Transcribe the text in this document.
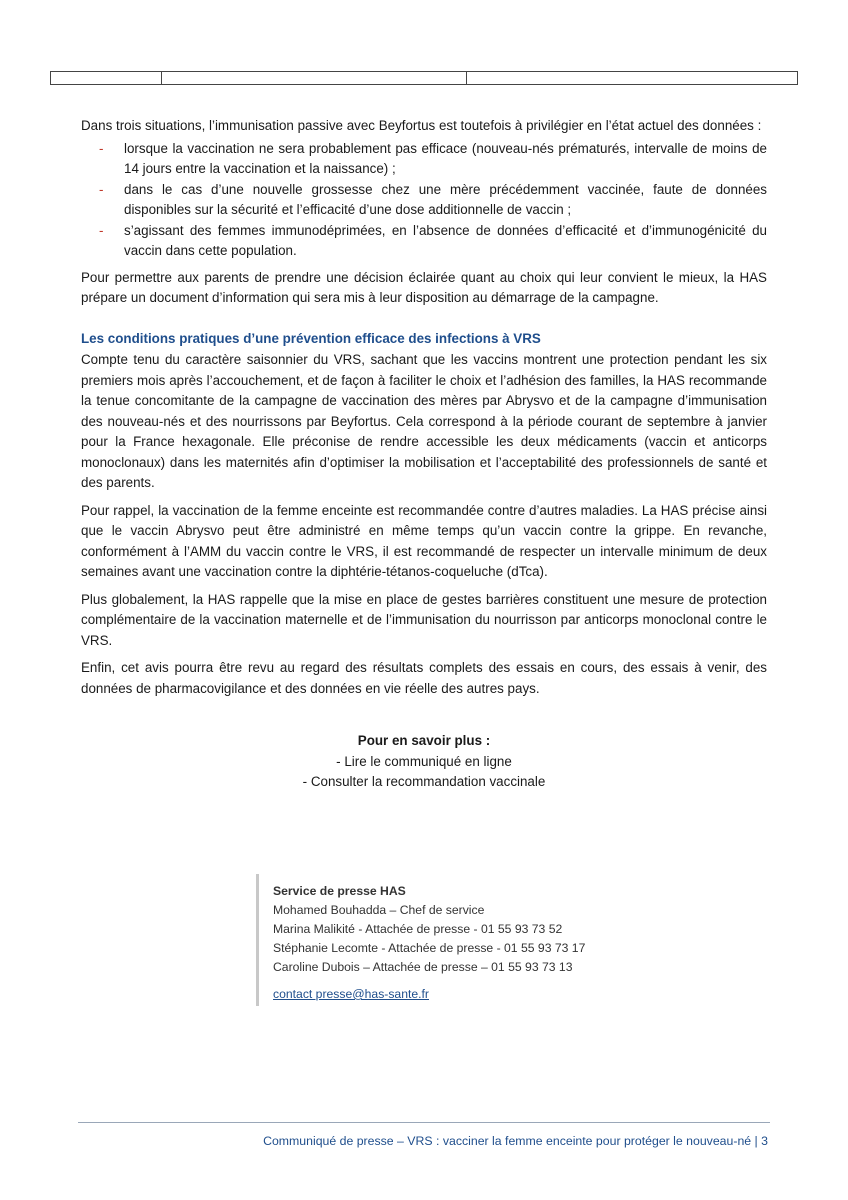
Dans trois situations, l’immunisation passive avec Beyfortus est toutefois à privilégier en l’état actuel des données :

- lorsque la vaccination ne sera probablement pas efficace (nouveau-nés prématurés, intervalle de moins de 14 jours entre la vaccination et la naissance) ;
- dans le cas d’une nouvelle grossesse chez une mère précédemment vaccinée, faute de données disponibles sur la sécurité et l’efficacité d’une dose additionnelle de vaccin ;
- s’agissant des femmes immunodéprimées, en l’absence de données d’efficacité et d’immunogénicité du vaccin dans cette population.

Pour permettre aux parents de prendre une décision éclairée quant au choix qui leur convient le mieux, la HAS prépare un document d’information qui sera mis à leur disposition au démarrage de la campagne.

Les conditions pratiques d’une prévention efficace des infections à VRS

Compte tenu du caractère saisonnier du VRS, sachant que les vaccins montrent une protection pendant les six premiers mois après l’accouchement, et de façon à faciliter le choix et l’adhésion des familles, la HAS recommande la tenue concomitante de la campagne de vaccination des mères par Abrysvo et de la campagne d’immunisation des nouveau-nés et des nourrissons par Beyfortus. Cela correspond à la période courant de septembre à janvier pour la France hexagonale. Elle préconise de rendre accessible les deux médicaments (vaccin et anticorps monoclonaux) dans les maternités afin d’optimiser la mobilisation et l’acceptabilité des professionnels de santé et des parents.

Pour rappel, la vaccination de la femme enceinte est recommandée contre d’autres maladies. La HAS précise ainsi que le vaccin Abrysvo peut être administré en même temps qu’un vaccin contre la grippe. En revanche, conformément à l’AMM du vaccin contre le VRS, il est recommandé de respecter un intervalle minimum de deux semaines avant une vaccination contre la diphtérie-tétanos-coqueluche (dTca).

Plus globalement, la HAS rappelle que la mise en place de gestes barrières constituent une mesure de protection complémentaire de la vaccination maternelle et de l’immunisation du nourrisson par anticorps monoclonal contre le VRS.

Enfin, cet avis pourra être revu au regard des résultats complets des essais en cours, des essais à venir, des données de pharmacovigilance et des données en vie réelle des autres pays.

Pour en savoir plus :
- Lire le communiqué en ligne
- Consulter la recommandation vaccinale
Service de presse HAS
Mohamed Bouhadda – Chef de service
Marina Malikité - Attachée de presse - 01 55 93 73 52
Stéphanie Lecomte - Attachée de presse - 01 55 93 73 17
Caroline Dubois – Attachée de presse – 01 55 93 73 13
contact presse@has-sante.fr
Communiqué de presse – VRS : vacciner la femme enceinte pour protéger le nouveau-né | 3
